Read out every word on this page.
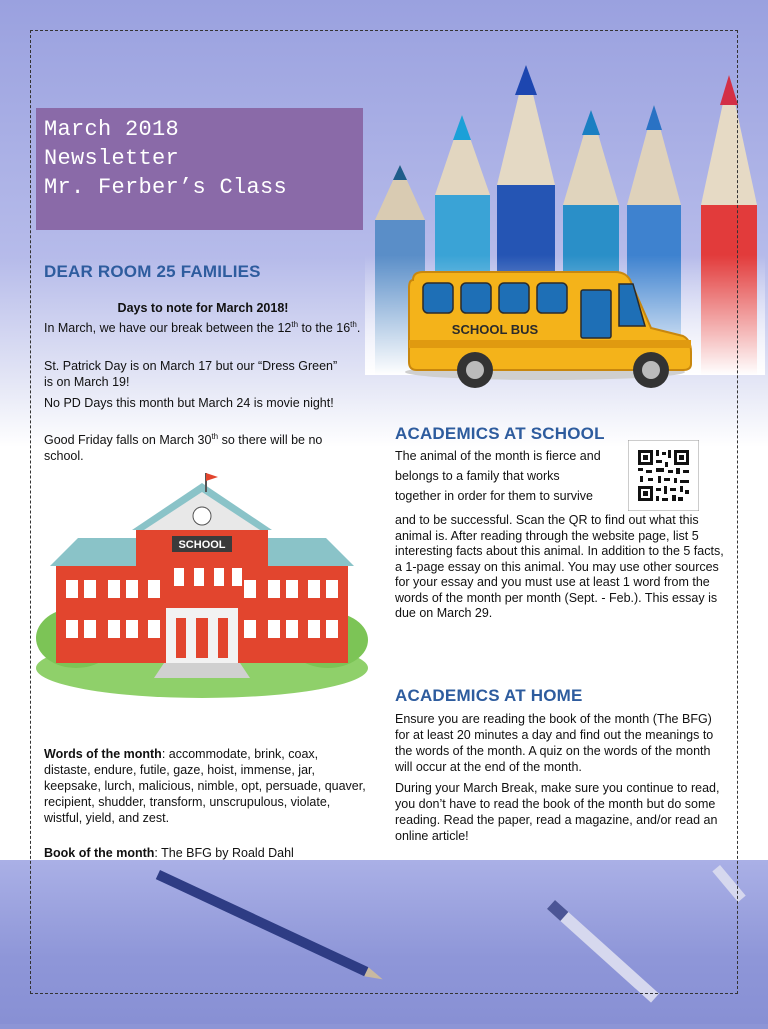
March 2018
Newsletter
Mr. Ferber’s Class
DEAR ROOM 25 FAMILIES
Days to note for March 2018!
In March, we have our break between the 12th to the 16th.
St. Patrick Day is on March 17 but our “Dress Green” is on March 19!
No PD Days this month but March 24 is movie night!
Good Friday falls on March 30th so there will be no school.
SCHOOL
Words of the month: accommodate, brink, coax, distaste, endure, futile, gaze, hoist, immense, jar, keepsake, lurch, malicious, nimble, opt, persuade, quaver, recipient, shudder, transform, unscrupulous, violate, wistful, yield, and zest.
Book of the month: The BFG by Roald Dahl
SCHOOL BUS
ACADEMICS AT SCHOOL
The animal of the month is fierce and belongs to a family that works together in order for them to survive
and to be successful. Scan the QR to find out what this animal is. After reading through the website page, list 5 interesting facts about this animal. In addition to the 5 facts, a 1-page essay on this animal. You may use other sources for your essay and you must use at least 1 word from the words of the month per month (Sept. - Feb.). This essay is due on March 29.
ACADEMICS AT HOME
Ensure you are reading the book of the month (The BFG) for at least 20 minutes a day and find out the meanings to the words of the month. A quiz on the words of the month will occur at the end of the month.
During your March Break, make sure you continue to read, you don’t have to read the book of the month but do some reading. Read the paper, read a magazine, and/or read an online article!
